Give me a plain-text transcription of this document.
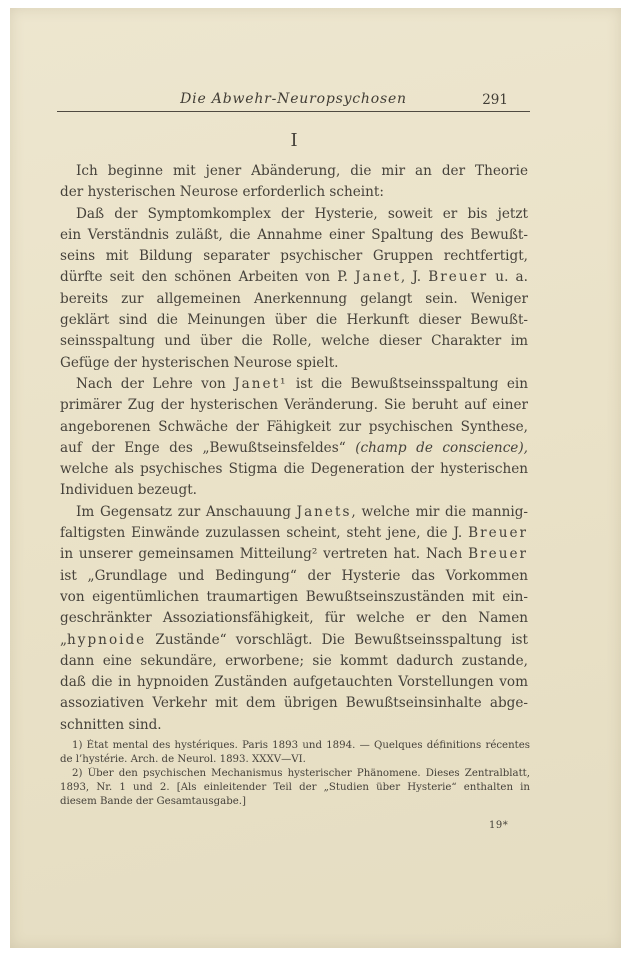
Die Abwehr-Neuropsychosen	291
I
Ich beginne mit jener Abänderung, die mir an der Theorie
der hysterischen Neurose erforderlich scheint:
Daß der Symptomkomplex der Hysterie, soweit er bis jetzt
ein Verständnis zuläßt, die Annahme einer Spaltung des Bewußt-
seins mit Bildung separater psychischer Gruppen rechtfertigt,
dürfte seit den schönen Arbeiten von P. Janet, J. Breuer u. a.
bereits zur allgemeinen Anerkennung gelangt sein. Weniger
geklärt sind die Meinungen über die Herkunft dieser Bewußt-
seinsspaltung und über die Rolle, welche dieser Charakter im
Gefüge der hysterischen Neurose spielt.
Nach der Lehre von Janet¹ ist die Bewußtseinsspaltung ein
primärer Zug der hysterischen Veränderung. Sie beruht auf einer
angeborenen Schwäche der Fähigkeit zur psychischen Synthese,
auf der Enge des „Bewußtseinsfeldes“ (champ de conscience),
welche als psychisches Stigma die Degeneration der hysterischen
Individuen bezeugt.
Im Gegensatz zur Anschauung Janets, welche mir die mannig-
faltigsten Einwände zuzulassen scheint, steht jene, die J. Breuer
in unserer gemeinsamen Mitteilung² vertreten hat. Nach Breuer
ist „Grundlage und Bedingung“ der Hysterie das Vorkommen
von eigentümlichen traumartigen Bewußtseinszuständen mit ein-
geschränkter Assoziationsfähigkeit, für welche er den Namen
„hypnoide Zustände“ vorschlägt. Die Bewußtseinsspaltung ist
dann eine sekundäre, erworbene; sie kommt dadurch zustande,
daß die in hypnoiden Zuständen aufgetauchten Vorstellungen vom
assoziativen Verkehr mit dem übrigen Bewußtseinsinhalte abge-
schnitten sind.
1) État mental des hystériques. Paris 1893 und 1894. — Quelques définitions récentes
de l’hystérie. Arch. de Neurol. 1893. XXXV—VI.
2) Über den psychischen Mechanismus hysterischer Phänomene. Dieses Zentralblatt,
1893, Nr. 1 und 2. [Als einleitender Teil der „Studien über Hysterie“ enthalten in
diesem Bande der Gesamtausgabe.]
19*
